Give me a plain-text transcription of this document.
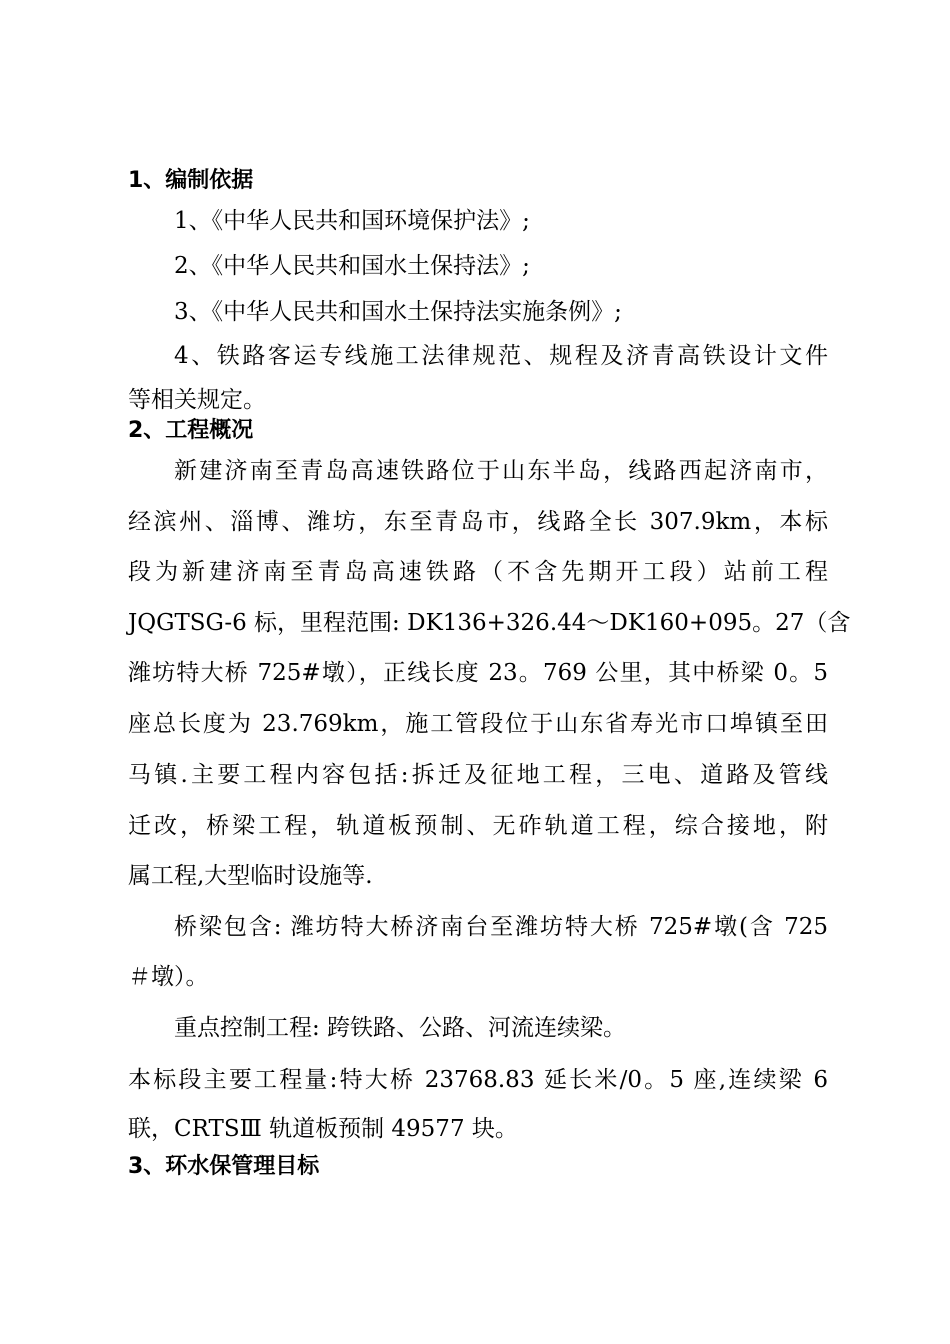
1、编制依据
1、《中华人民共和国环境保护法》;
2、《中华人民共和国水土保持法》;
3、《中华人民共和国水土保持法实施条例》;
4、铁路客运专线施工法律规范、规程及济青高铁设计文件
等相关规定。
2、工程概况
新建济南至青岛高速铁路位于山东半岛，线路西起济南市，
经滨州、淄博、潍坊，东至青岛市，线路全长 307.9km，本标
段为新建济南至青岛高速铁路（不含先期开工段）站前工程
JQGTSG-6 标，里程范围: DK136+326.44～DK160+095。27（含
潍坊特大桥 725#墩），正线长度 23。769 公里，其中桥梁 0。5
座总长度为 23.769km，施工管段位于山东省寿光市口埠镇至田
马镇.主要工程内容包括:拆迁及征地工程，三电、道路及管线
迁改，桥梁工程，轨道板预制、无砟轨道工程，综合接地，附
属工程,大型临时设施等.
桥梁包含: 潍坊特大桥济南台至潍坊特大桥 725#墩(含 725
＃墩）。
重点控制工程: 跨铁路、公路、河流连续梁。
本标段主要工程量:特大桥 23768.83 延长米/0。5 座,连续梁 6
联，CRTSⅢ 轨道板预制 49577 块。
3、环水保管理目标
